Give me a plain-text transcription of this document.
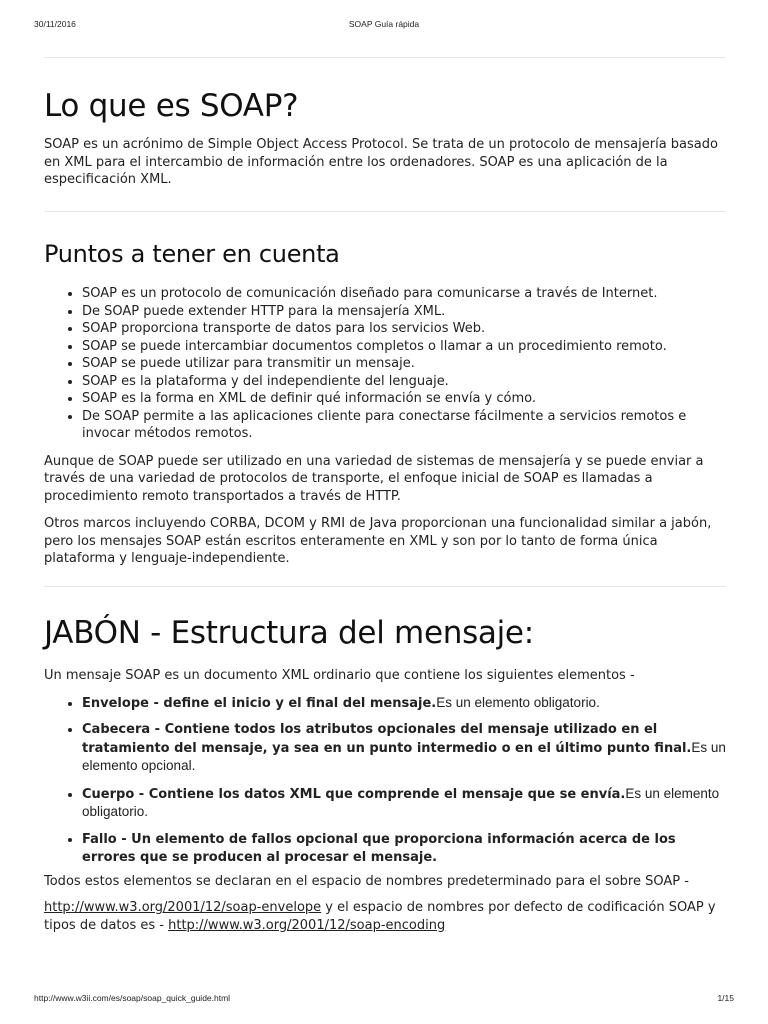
30/11/2016	SOAP Guía rápida
Lo que es SOAP?

SOAP es un acrónimo de Simple Object Access Protocol. Se trata de un protocolo de mensajería basado en XML para el intercambio de información entre los ordenadores. SOAP es una aplicación de la especificación XML.

Puntos a tener en cuenta
• SOAP es un protocolo de comunicación diseñado para comunicarse a través de Internet.
• De SOAP puede extender HTTP para la mensajería XML.
• SOAP proporciona transporte de datos para los servicios Web.
• SOAP se puede intercambiar documentos completos o llamar a un procedimiento remoto.
• SOAP se puede utilizar para transmitir un mensaje.
• SOAP es la plataforma y del independiente del lenguaje.
• SOAP es la forma en XML de definir qué información se envía y cómo.
• De SOAP permite a las aplicaciones cliente para conectarse fácilmente a servicios remotos e invocar métodos remotos.

Aunque de SOAP puede ser utilizado en una variedad de sistemas de mensajería y se puede enviar a través de una variedad de protocolos de transporte, el enfoque inicial de SOAP es llamadas a procedimiento remoto transportados a través de HTTP.

Otros marcos incluyendo CORBA, DCOM y RMI de Java proporcionan una funcionalidad similar a jabón, pero los mensajes SOAP están escritos enteramente en XML y son por lo tanto de forma única plataforma y lenguaje-independiente.

JABÓN - Estructura del mensaje:

Un mensaje SOAP es un documento XML ordinario que contiene los siguientes elementos -

• Envelope - define el inicio y el final del mensaje.Es un elemento obligatorio.
• Cabecera - Contiene todos los atributos opcionales del mensaje utilizado en el tratamiento del mensaje, ya sea en un punto intermedio o en el último punto final.Es un elemento opcional.
• Cuerpo - Contiene los datos XML que comprende el mensaje que se envía.Es un elemento obligatorio.
• Fallo - Un elemento de fallos opcional que proporciona información acerca de los errores que se producen al procesar el mensaje.

Todos estos elementos se declaran en el espacio de nombres predeterminado para el sobre SOAP -

http://www.w3.org/2001/12/soap-envelope y el espacio de nombres por defecto de codificación SOAP y tipos de datos es - http://www.w3.org/2001/12/soap-encoding

http://www.w3ii.com/es/soap/soap_quick_guide.html	1/15
